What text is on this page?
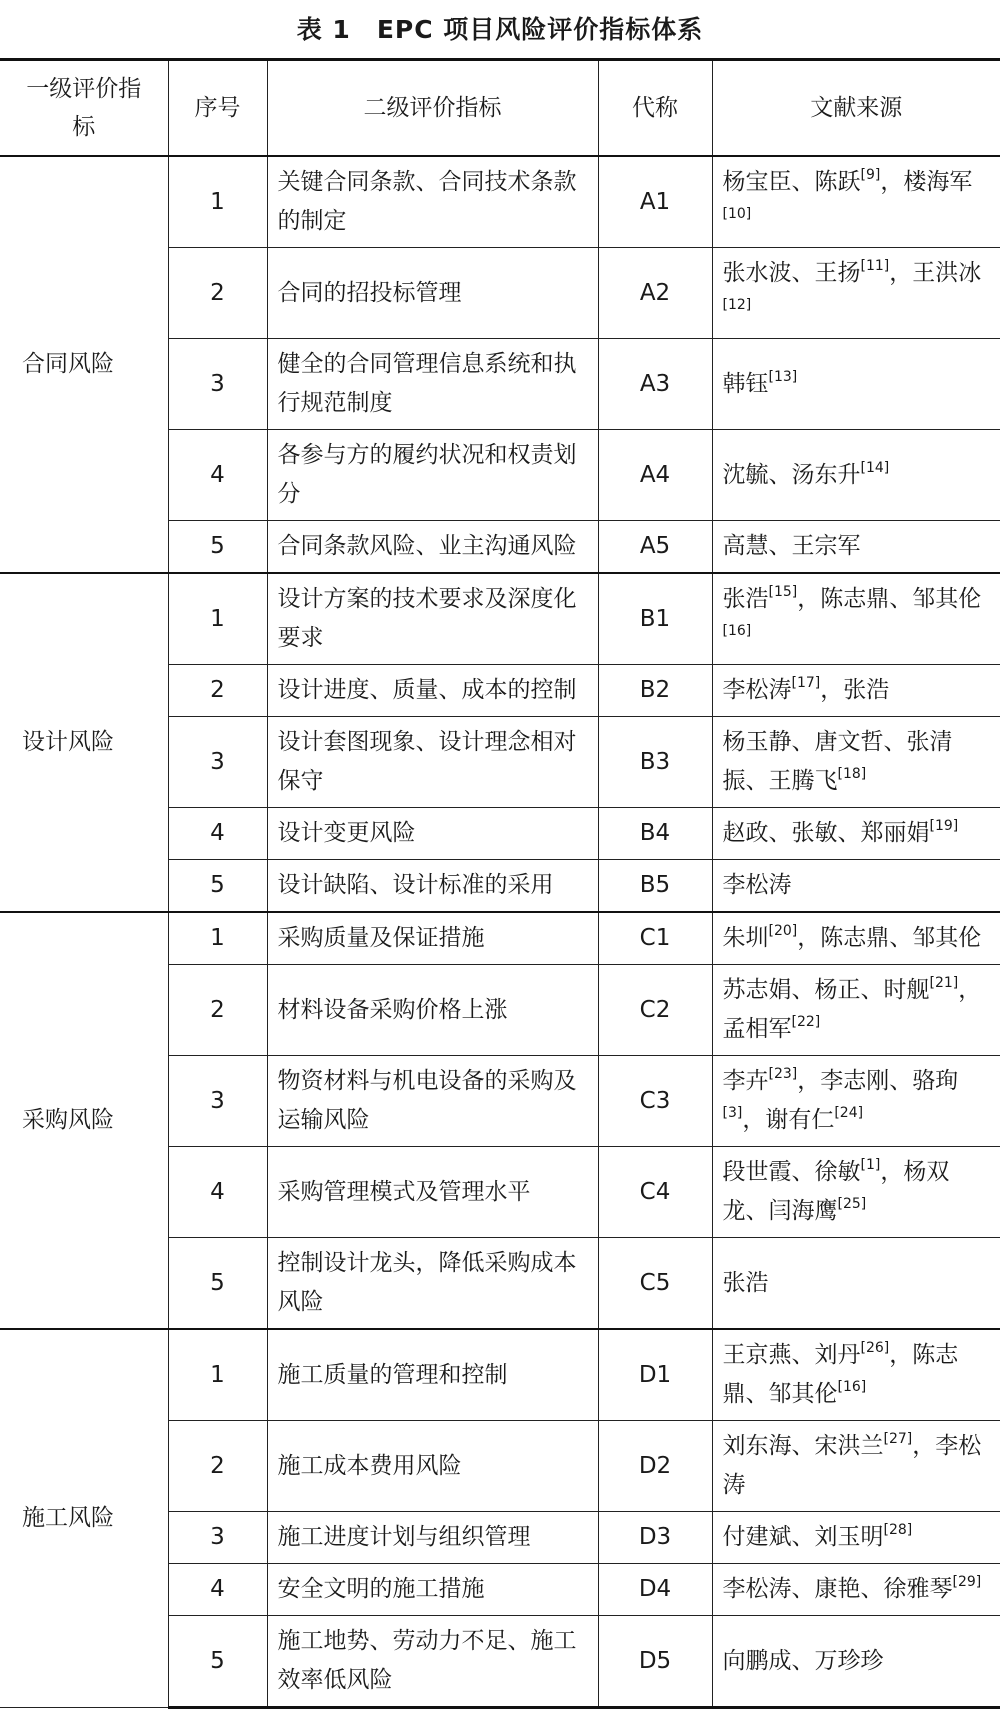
表 1　EPC 项目风险评价指标体系
一级评价指标	序号	二级评价指标	代称	文献来源
合同风险	1	关键合同条款、合同技术条款的制定	A1	杨宝臣、陈跃[9]，楼海军[10]
	2	合同的招投标管理	A2	张水波、王扬[11]，王洪冰[12]
	3	健全的合同管理信息系统和执行规范制度	A3	韩钰[13]
	4	各参与方的履约状况和权责划分	A4	沈毓、汤东升[14]
	5	合同条款风险、业主沟通风险	A5	高慧、王宗军
设计风险	1	设计方案的技术要求及深度化要求	B1	张浩[15]，陈志鼎、邹其伦[16]
	2	设计进度、质量、成本的控制	B2	李松涛[17]，张浩
	3	设计套图现象、设计理念相对保守	B3	杨玉静、唐文哲、张清振、王腾飞[18]
	4	设计变更风险	B4	赵政、张敏、郑丽娟[19]
	5	设计缺陷、设计标准的采用	B5	李松涛
采购风险	1	采购质量及保证措施	C1	朱圳[20]，陈志鼎、邹其伦
	2	材料设备采购价格上涨	C2	苏志娟、杨正、时舰[21]，孟相军[22]
	3	物资材料与机电设备的采购及运输风险	C3	李卉[23]，李志刚、骆珣[3]，谢有仁[24]
	4	采购管理模式及管理水平	C4	段世霞、徐敏[1]，杨双龙、闫海鹰[25]
	5	控制设计龙头，降低采购成本风险	C5	张浩
施工风险	1	施工质量的管理和控制	D1	王京燕、刘丹[26]，陈志鼎、邹其伦[16]
	2	施工成本费用风险	D2	刘东海、宋洪兰[27]，李松涛
	3	施工进度计划与组织管理	D3	付建斌、刘玉明[28]
	4	安全文明的施工措施	D4	李松涛、康艳、徐雅琴[29]
	5	施工地势、劳动力不足、施工效率低风险	D5	向鹏成、万珍珍
